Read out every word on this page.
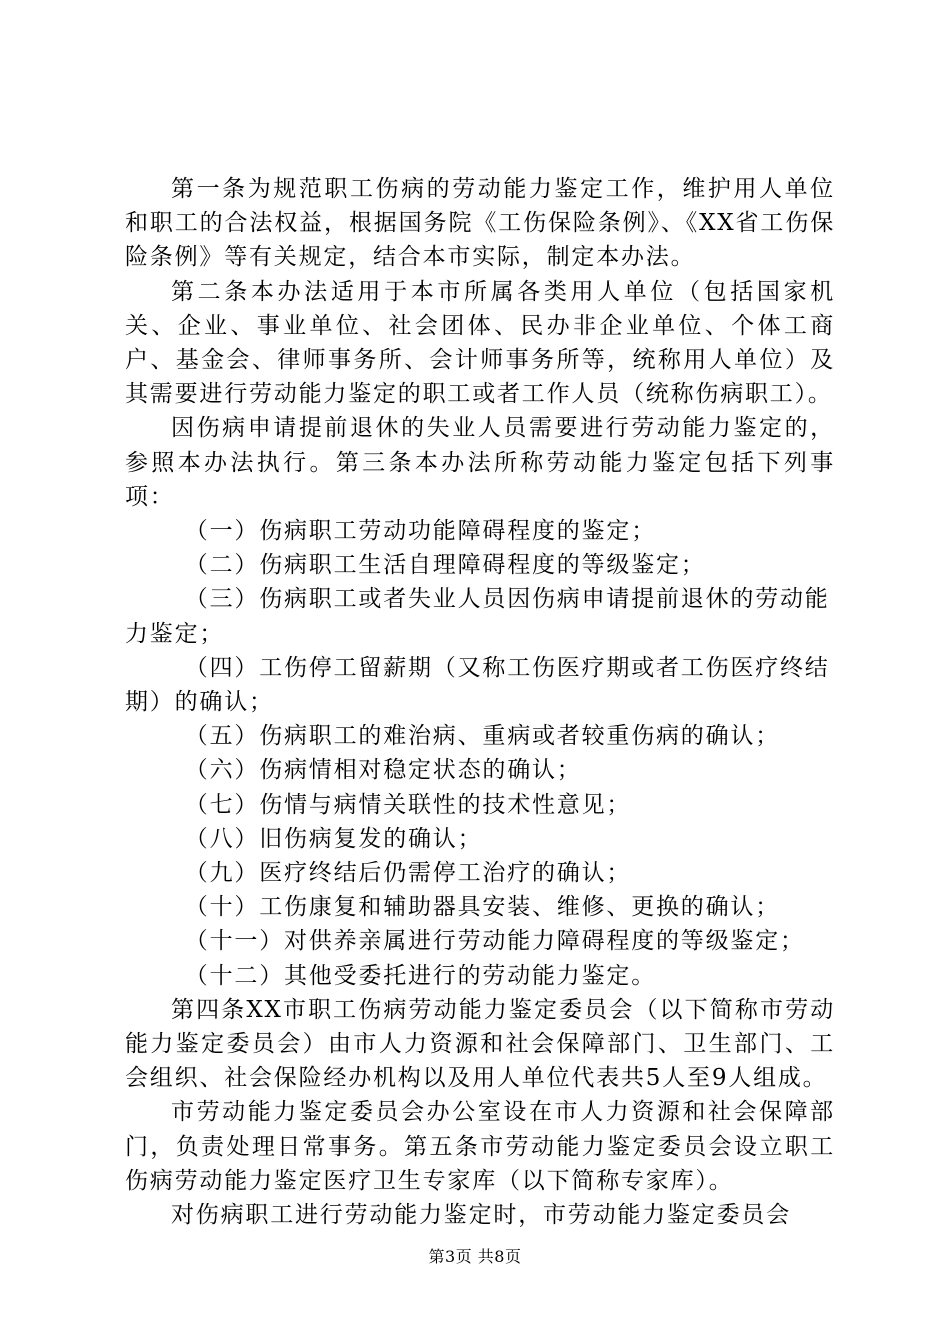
第一条为规范职工伤病的劳动能力鉴定工作，维护用人单位和职工的合法权益，根据国务院《工伤保险条例》、《XX省工伤保险条例》等有关规定，结合本市实际，制定本办法。

第二条本办法适用于本市所属各类用人单位（包括国家机关、企业、事业单位、社会团体、民办非企业单位、个体工商户、基金会、律师事务所、会计师事务所等，统称用人单位）及其需要进行劳动能力鉴定的职工或者工作人员（统称伤病职工）。

因伤病申请提前退休的失业人员需要进行劳动能力鉴定的，参照本办法执行。第三条本办法所称劳动能力鉴定包括下列事项：

（一）伤病职工劳动功能障碍程度的鉴定；

（二）伤病职工生活自理障碍程度的等级鉴定；

（三）伤病职工或者失业人员因伤病申请提前退休的劳动能力鉴定；

（四）工伤停工留薪期（又称工伤医疗期或者工伤医疗终结期）的确认；

（五）伤病职工的难治病、重病或者较重伤病的确认；

（六）伤病情相对稳定状态的确认；

（七）伤情与病情关联性的技术性意见；

（八）旧伤病复发的确认；

（九）医疗终结后仍需停工治疗的确认；

（十）工伤康复和辅助器具安装、维修、更换的确认；

（十一）对供养亲属进行劳动能力障碍程度的等级鉴定；

（十二）其他受委托进行的劳动能力鉴定。

第四条XX市职工伤病劳动能力鉴定委员会（以下简称市劳动能力鉴定委员会）由市人力资源和社会保障部门、卫生部门、工会组织、社会保险经办机构以及用人单位代表共5人至9人组成。

市劳动能力鉴定委员会办公室设在市人力资源和社会保障部门，负责处理日常事务。第五条市劳动能力鉴定委员会设立职工伤病劳动能力鉴定医疗卫生专家库（以下简称专家库）。

对伤病职工进行劳动能力鉴定时，市劳动能力鉴定委员会

第3页 共8页
